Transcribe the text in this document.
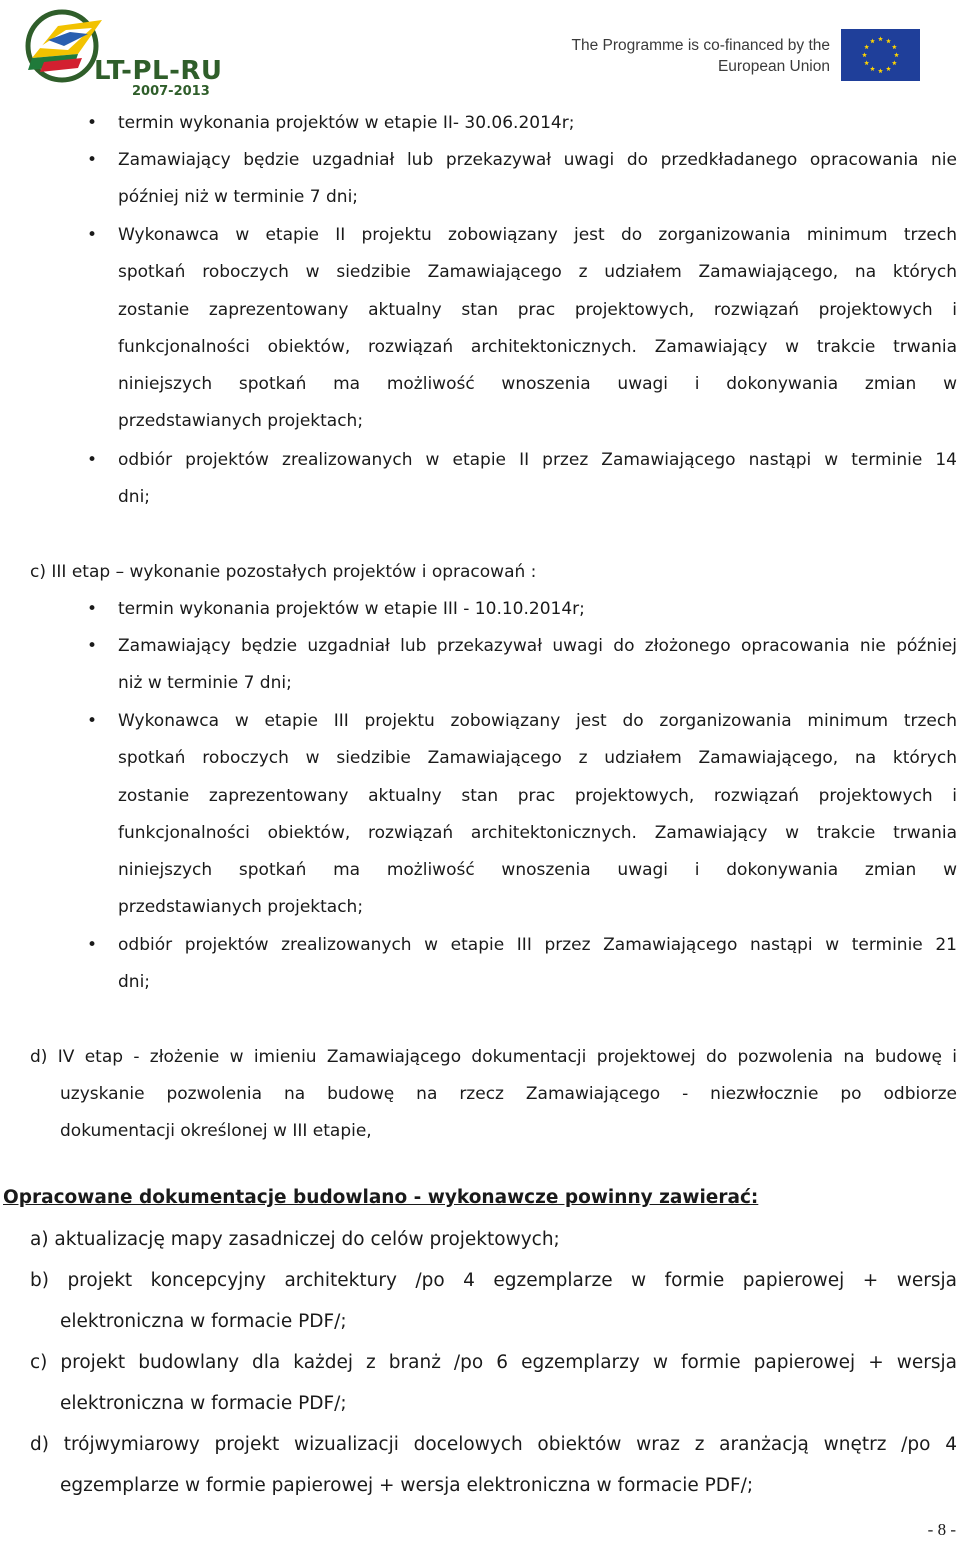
LT-PL-RU
2007-2013
The Programme is co-financed by the
European Union
• termin wykonania projektów w etapie II- 30.06.2014r;
• Zamawiający będzie uzgadniał lub przekazywał uwagi do przedkładanego opracowania nie
później niż w terminie 7 dni;
• Wykonawca w etapie II projektu zobowiązany jest do zorganizowania minimum trzech
spotkań roboczych w siedzibie Zamawiającego z udziałem Zamawiającego, na których
zostanie zaprezentowany aktualny stan prac projektowych, rozwiązań projektowych i
funkcjonalności obiektów, rozwiązań architektonicznych. Zamawiający w trakcie trwania
niniejszych spotkań ma możliwość wnoszenia uwagi i dokonywania zmian w
przedstawianych projektach;
• odbiór projektów zrealizowanych w etapie II przez Zamawiającego nastąpi w terminie 14
dni;
c) III etap – wykonanie pozostałych projektów i opracowań :
• termin wykonania projektów w etapie III - 10.10.2014r;
• Zamawiający będzie uzgadniał lub przekazywał uwagi do złożonego opracowania nie później
niż w terminie 7 dni;
• Wykonawca w etapie III projektu zobowiązany jest do zorganizowania minimum trzech
spotkań roboczych w siedzibie Zamawiającego z udziałem Zamawiającego, na których
zostanie zaprezentowany aktualny stan prac projektowych, rozwiązań projektowych i
funkcjonalności obiektów, rozwiązań architektonicznych. Zamawiający w trakcie trwania
niniejszych spotkań ma możliwość wnoszenia uwagi i dokonywania zmian w
przedstawianych projektach;
• odbiór projektów zrealizowanych w etapie III przez Zamawiającego nastąpi w terminie 21
dni;
d) IV etap - złożenie w imieniu Zamawiającego dokumentacji projektowej do pozwolenia na budowę i
uzyskanie pozwolenia na budowę na rzecz Zamawiającego - niezwłocznie po odbiorze
dokumentacji określonej w III etapie,
Opracowane dokumentacje budowlano - wykonawcze powinny zawierać:
a) aktualizację mapy zasadniczej do celów projektowych;
b) projekt koncepcyjny architektury /po 4 egzemplarze w formie papierowej + wersja
elektroniczna w formacie PDF/;
c) projekt budowlany dla każdej z branż /po 6 egzemplarzy w formie papierowej + wersja
elektroniczna w formacie PDF/;
d) trójwymiarowy projekt wizualizacji docelowych obiektów wraz z aranżacją wnętrz /po 4
egzemplarze w formie papierowej + wersja elektroniczna w formacie PDF/;
- 8 -
